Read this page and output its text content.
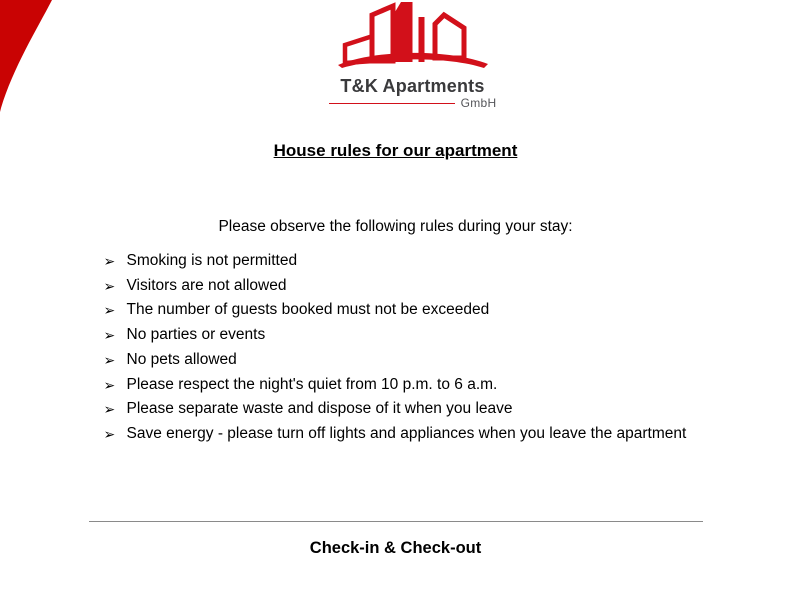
T&K Apartments
GmbH
House rules for our apartment

Please observe the following rules during your stay:

➢ Smoking is not permitted
➢ Visitors are not allowed
➢ The number of guests booked must not be exceeded
➢ No parties or events
➢ No pets allowed
➢ Please respect the night's quiet from 10 p.m. to 6 a.m.
➢ Please separate waste and dispose of it when you leave
➢ Save energy - please turn off lights and appliances when you leave the apartment
Check-in & Check-out
